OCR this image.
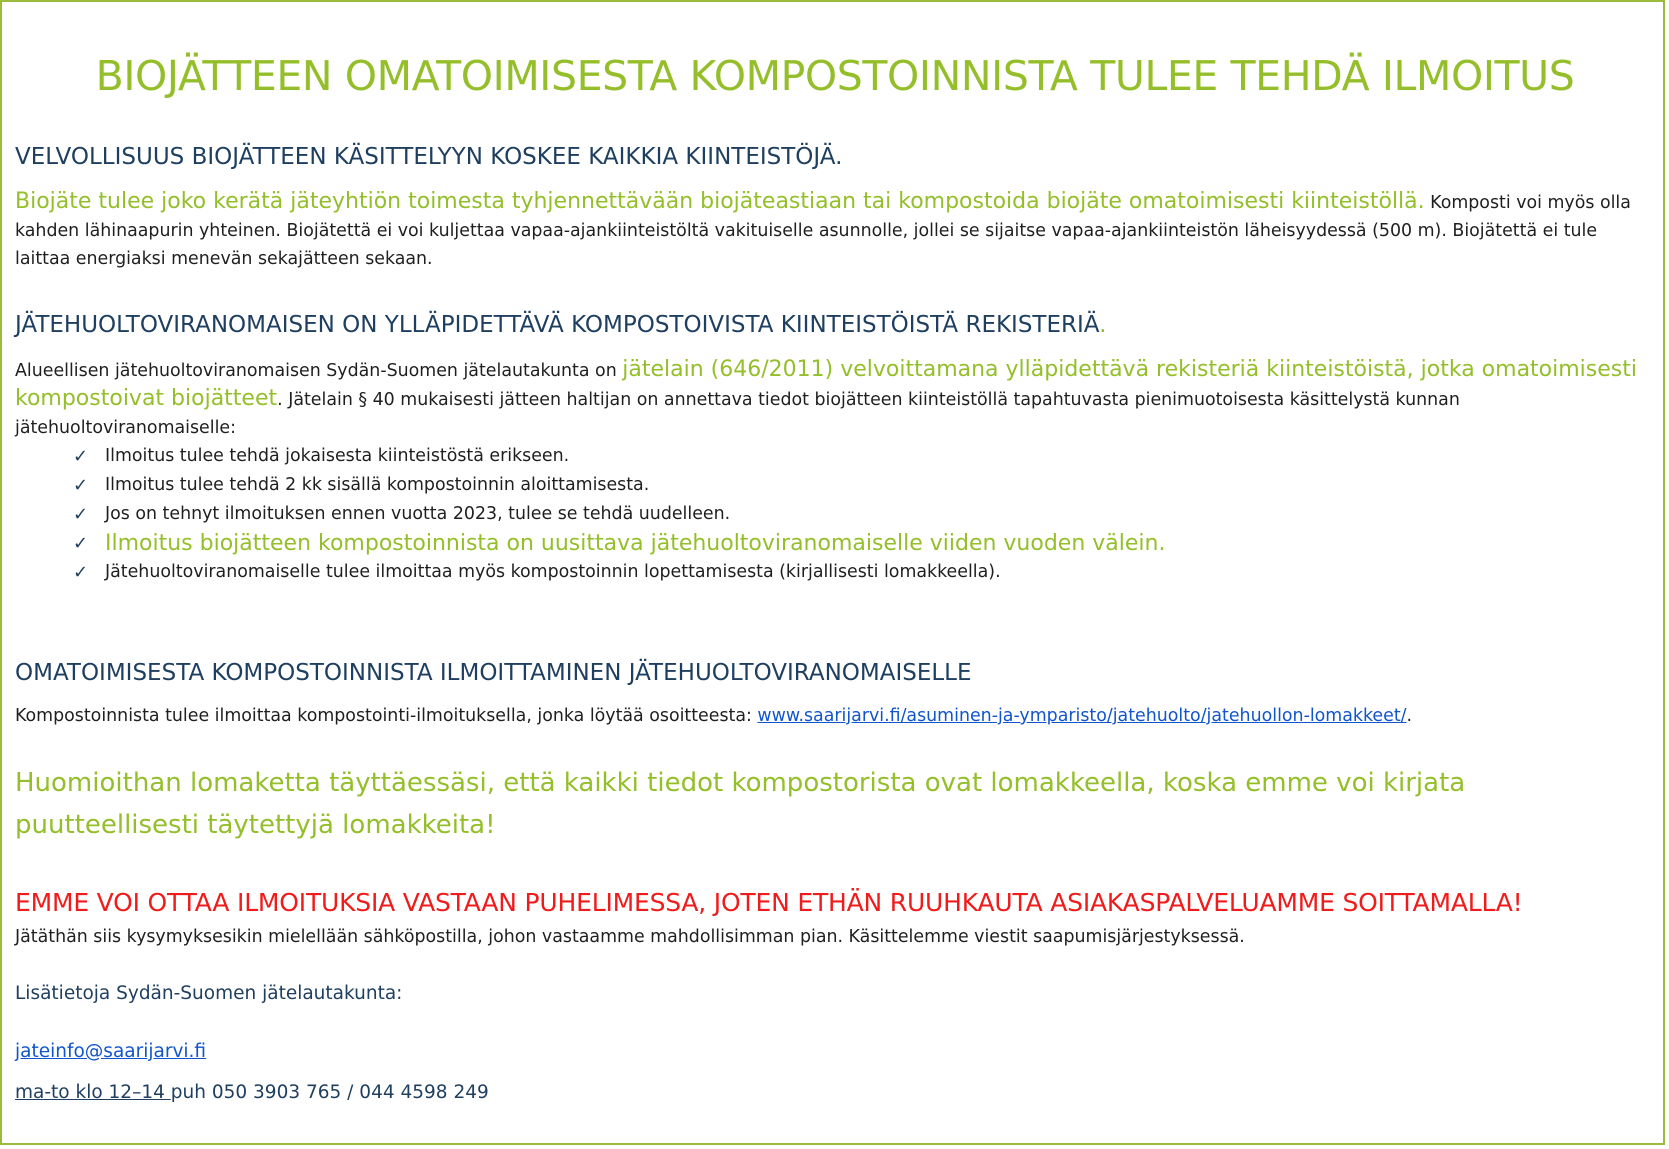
BIOJÄTTEEN OMATOIMISESTA KOMPOSTOINNISTA TULEE TEHDÄ ILMOITUS
VELVOLLISUUS BIOJÄTTEEN KÄSITTELYYN KOSKEE KAIKKIA KIINTEISTÖJÄ.
Biojäte tulee joko kerätä jäteyhtiön toimesta tyhjennettävään biojäteastiaan tai kompostoida biojäte omatoimisesti kiinteistöllä. Komposti voi myös olla kahden lähinaapurin yhteinen. Biojätettä ei voi kuljettaa vapaa-ajankiinteistöltä vakituiselle asunnolle, jollei se sijaitse vapaa-ajankiinteistön läheisyydessä (500 m). Biojätettä ei tule laittaa energiaksi menevän sekajätteen sekaan.
JÄTEHUOLTOVIRANOMAISEN ON YLLÄPIDETTÄVÄ KOMPOSTOIVISTA KIINTEISTÖISTÄ REKISTERIÄ.
Alueellisen jätehuoltoviranomaisen Sydän-Suomen jätelautakunta on jätelain (646/2011) velvoittamana ylläpidettävä rekisteriä kiinteistöistä, jotka omatoimisesti kompostoivat biojätteet. Jätelain § 40 mukaisesti jätteen haltijan on annettava tiedot biojätteen kiinteistöllä tapahtuvasta pienimuotoisesta käsittelystä kunnan jätehuoltoviranomaiselle:
✓ Ilmoitus tulee tehdä jokaisesta kiinteistöstä erikseen.
✓ Ilmoitus tulee tehdä 2 kk sisällä kompostoinnin aloittamisesta.
✓ Jos on tehnyt ilmoituksen ennen vuotta 2023, tulee se tehdä uudelleen.
✓ Ilmoitus biojätteen kompostoinnista on uusittava jätehuoltoviranomaiselle viiden vuoden välein.
✓ Jätehuoltoviranomaiselle tulee ilmoittaa myös kompostoinnin lopettamisesta (kirjallisesti lomakkeella).
OMATOIMISESTA KOMPOSTOINNISTA ILMOITTAMINEN JÄTEHUOLTOVIRANOMAISELLE
Kompostoinnista tulee ilmoittaa kompostointi-ilmoituksella, jonka löytää osoitteesta: www.saarijarvi.fi/asuminen-ja-ymparisto/jatehuolto/jatehuollon-lomakkeet/.
Huomioithan lomaketta täyttäessäsi, että kaikki tiedot kompostorista ovat lomakkeella, koska emme voi kirjata puutteellisesti täytettyjä lomakkeita!
EMME VOI OTTAA ILMOITUKSIA VASTAAN PUHELIMESSA, JOTEN ETHÄN RUUHKAUTA ASIAKASPALVELUAMME SOITTAMALLA!
Jätäthän siis kysymyksesikin mielellään sähköpostilla, johon vastaamme mahdollisimman pian. Käsittelemme viestit saapumisjärjestyksessä.
Lisätietoja Sydän-Suomen jätelautakunta:
jateinfo@saarijarvi.fi
ma-to klo 12–14 puh 050 3903 765 / 044 4598 249
